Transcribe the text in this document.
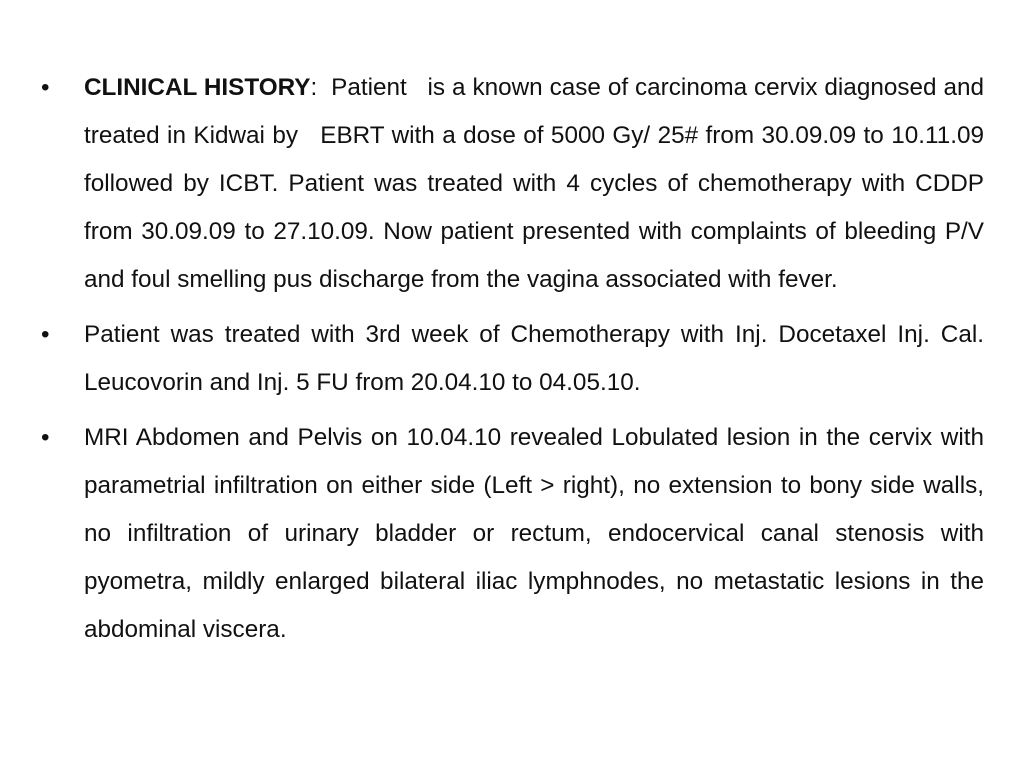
•	CLINICAL HISTORY:  Patient   is a known case of carcinoma cervix diagnosed and treated in Kidwai by   EBRT with a dose of 5000 Gy/ 25# from 30.09.09 to 10.11.09 followed by ICBT. Patient was treated with 4 cycles of chemotherapy with CDDP from 30.09.09 to 27.10.09. Now patient presented with complaints of bleeding P/V and foul smelling pus discharge from the vagina associated with fever.
•	Patient was treated with 3rd week of Chemotherapy with Inj. Docetaxel Inj. Cal. Leucovorin and Inj. 5 FU from 20.04.10 to 04.05.10.
•	MRI Abdomen and Pelvis on 10.04.10 revealed Lobulated lesion in the cervix with parametrial infiltration on either side (Left > right), no extension to bony side walls, no infiltration of urinary bladder or rectum, endocervical canal stenosis with pyometra, mildly enlarged bilateral iliac lymphnodes, no metastatic lesions in the abdominal viscera.
